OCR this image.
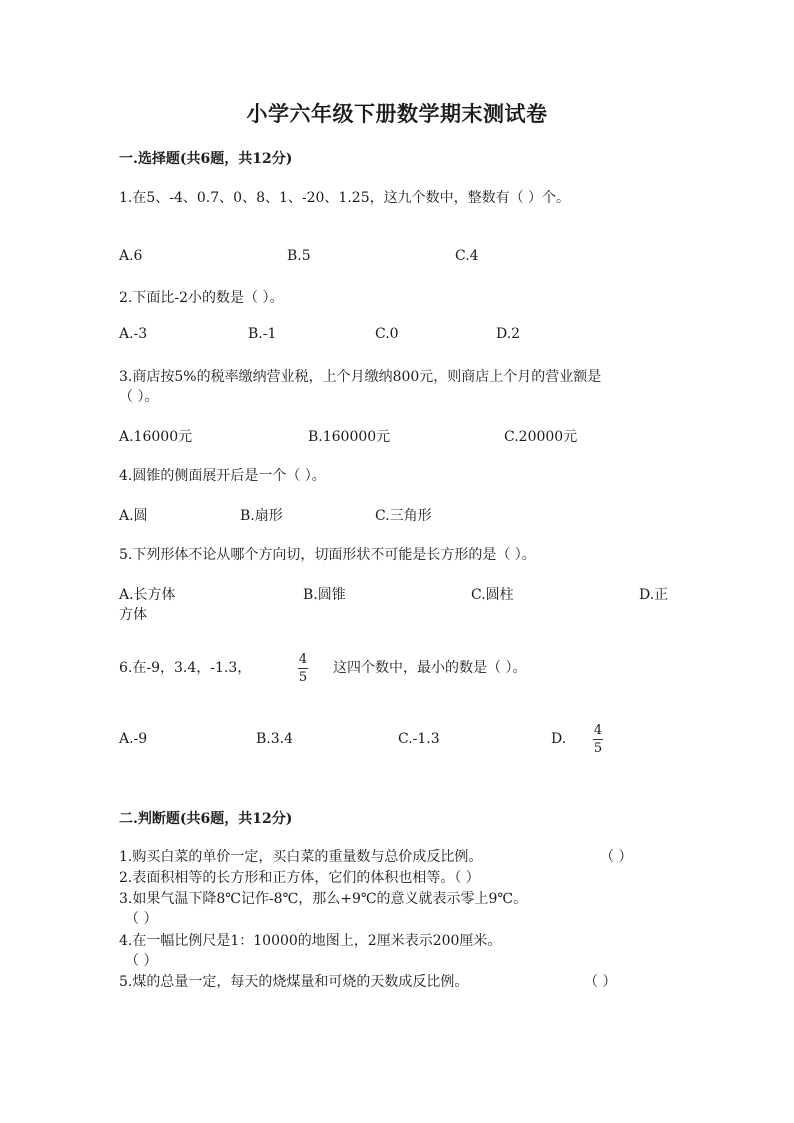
小学六年级下册数学期末测试卷
一.选择题(共6题，共12分)
1.在5、-4、0.7、0、8、1、-20、1.25，这九个数中，整数有（ ）个。
A.6	B.5	C.4
2.下面比-2小的数是（ ）。
A.-3	B.-1	C.0	D.2
3.商店按5%的税率缴纳营业税，上个月缴纳800元，则商店上个月的营业额是
（ ）。
A.16000元	B.160000元	C.20000元
4.圆锥的侧面展开后是一个（ ）。
A.圆	B.扇形	C.三角形
5.下列形体不论从哪个方向切，切面形状不可能是长方形的是（ ）。
A.长方体	B.圆锥	C.圆柱	D.正
方体
6.在-9，3.4，-1.3，
4
5
这四个数中，最小的数是（ ）。
A.-9	B.3.4	C.-1.3	D.
4
5
二.判断题(共6题，共12分)
1.购买白菜的单价一定，买白菜的重量数与总价成反比例。	（ ）
2.表面积相等的长方形和正方体，它们的体积也相等。（ ）
3.如果气温下降8℃记作-8℃，那么+9℃的意义就表示零上9℃。
（ ）
4.在一幅比例尺是1：10000的地图上，2厘米表示200厘米。
（ ）
5.煤的总量一定，每天的烧煤量和可烧的天数成反比例。	（ ）
